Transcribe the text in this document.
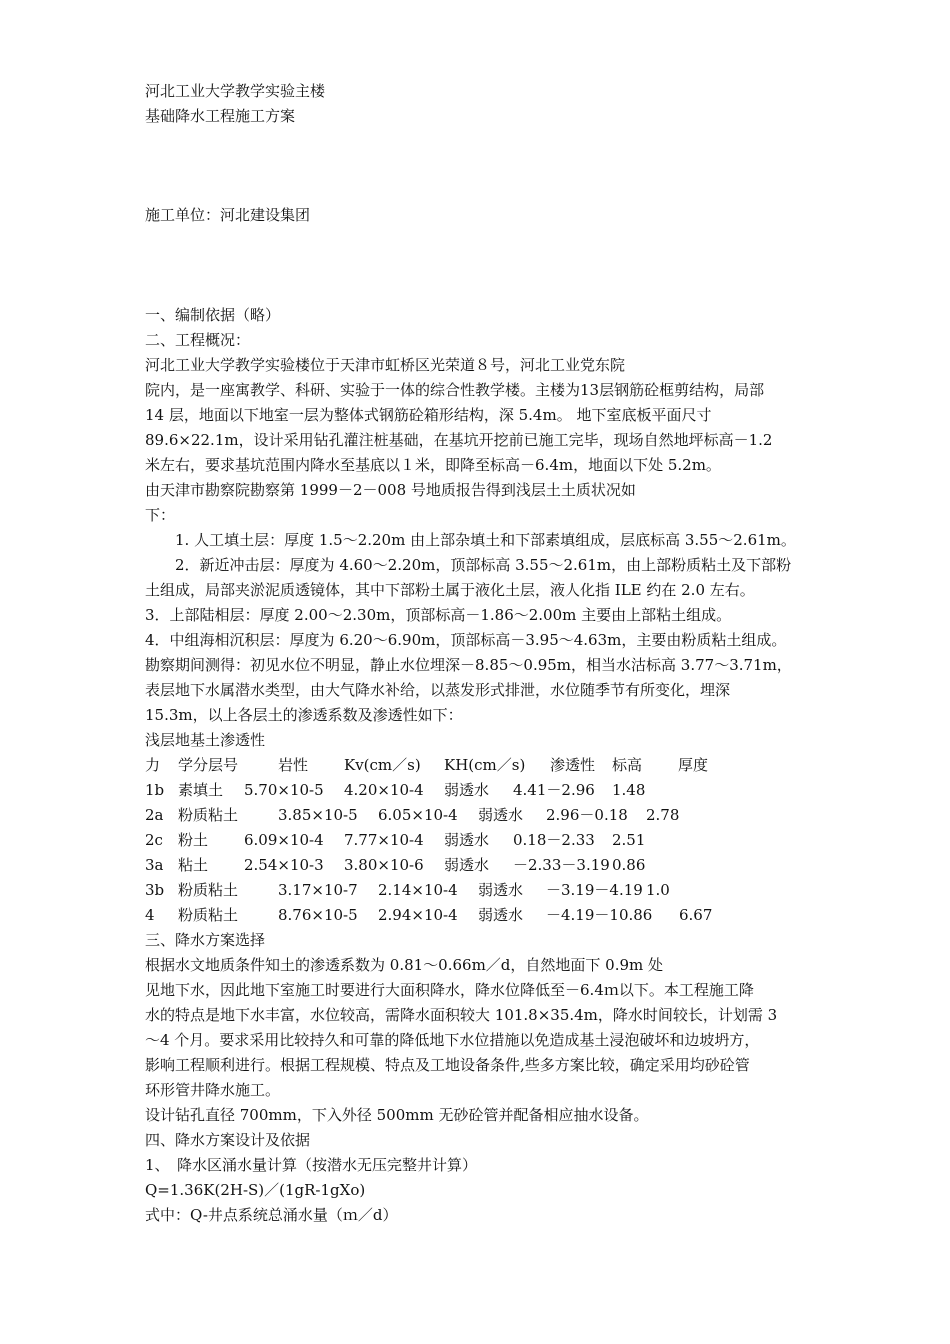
河北工业大学教学实验主楼

基础降水工程施工方案

施工单位：河北建设集团

一、编制依据（略）

二、工程概况：

河北工业大学教学实验楼位于天津市虹桥区光荣道８号，河北工业党东院

院内，是一座寓教学、科研、实验于一体的综合性教学楼。主楼为13层钢筋砼框剪结构，局部

14 层，地面以下地室一层为整体式钢筋砼箱形结构，深 5.4m。 地下室底板平面尺寸

89.6×22.1m，设计采用钻孔灌注桩基础，在基坑开挖前已施工完毕，现场自然地坪标高－1.2

米左右，要求基坑范围内降水至基底以１米，即降至标高－6.4m，地面以下处 5.2m。

由天津市勘察院勘察第 1999－2－008 号地质报告得到浅层土土质状况如

下：

1. 人工填土层：厚度 1.5～2.20m 由上部杂填土和下部素填组成，层底标高 3.55～2.61m。

2．新近冲击层：厚度为 4.60～2.20m，顶部标高 3.55～2.61m，由上部粉质粘土及下部粉

土组成，局部夹淤泥质透镜体，其中下部粉土属于液化土层，液人化指 ILE 约在 2.0 左右。

3．上部陆相层：厚度 2.00～2.30m，顶部标高－1.86～2.00m 主要由上部粘土组成。

4．中组海相沉积层：厚度为 6.20～6.90m，顶部标高－3.95～4.63m，主要由粉质粘土组成。

勘察期间测得：初见水位不明显，静止水位埋深－8.85～0.95m，相当水沽标高 3.77～3.71m，

表层地下水属潜水类型，由大气降水补给，以蒸发形式排泄，水位随季节有所变化，埋深

15.3m，以上各层土的渗透系数及渗透性如下：

浅层地基土渗透性

力 学分层号	岩性 Kv(cm／s) KH(cm／s) 渗透性 标高 厚度
1b 素填土 5.70×10-5 4.20×10-4 弱透水 4.41－2.96 1.48
2a 粉质粘土	3.85×10-5 6.05×10-4 弱透水 2.96－0.18 2.78
2c 粉土 6.09×10-4 7.77×10-4 弱透水 0.18－2.33 2.51
3a 粘土 2.54×10-3 3.80×10-6 弱透水 －2.33－3.19 0.86
3b 粉质粘土	3.17×10-7 2.14×10-4 弱透水 －3.19－4.19 1.0
4 粉质粘土	8.76×10-5 2.94×10-4 弱透水 －4.19－10.86 6.67

三、降水方案选择

根据水文地质条件知土的渗透系数为 0.81～0.66m／d，自然地面下 0.9m 处

见地下水，因此地下室施工时要进行大面积降水，降水位降低至－6.4ｍ以下。本工程施工降

水的特点是地下水丰富，水位较高，需降水面积较大 101.8×35.4m，降水时间较长，计划需 3

～4 个月。要求采用比较持久和可靠的降低地下水位措施以免造成基土浸泡破坏和边坡坍方，

影响工程顺利进行。根据工程规模、特点及工地设备条件,些多方案比较，确定采用均砂砼管

环形管井降水施工。

设计钻孔直径 700mm，下入外径 500mm 无砂砼管并配备相应抽水设备。

四、降水方案设计及依据

1、　降水区涌水量计算（按潜水无压完整井计算）

Q=1.36K(2H-S)／(1gR-1gXo)

式中：Q-井点系统总涌水量（ｍ／d）
